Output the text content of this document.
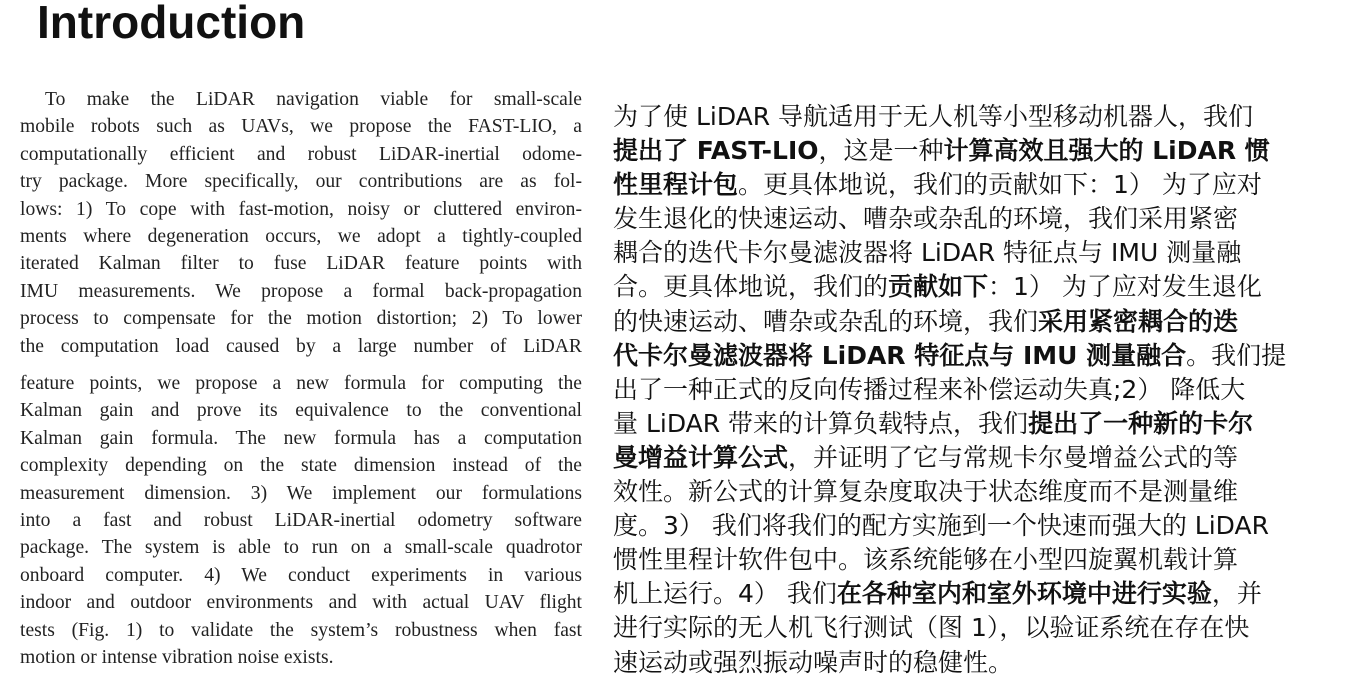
Introduction
To make the LiDAR navigation viable for small-scale
mobile robots such as UAVs, we propose the FAST-LIO, a
computationally efficient and robust LiDAR-inertial odome-
try package. More specifically, our contributions are as fol-
lows: 1) To cope with fast-motion, noisy or cluttered environ-
ments where degeneration occurs, we adopt a tightly-coupled
iterated Kalman filter to fuse LiDAR feature points with
IMU measurements. We propose a formal back-propagation
process to compensate for the motion distortion; 2) To lower
the computation load caused by a large number of LiDAR
feature points, we propose a new formula for computing the
Kalman gain and prove its equivalence to the conventional
Kalman gain formula. The new formula has a computation
complexity depending on the state dimension instead of the
measurement dimension. 3) We implement our formulations
into a fast and robust LiDAR-inertial odometry software
package. The system is able to run on a small-scale quadrotor
onboard computer. 4) We conduct experiments in various
indoor and outdoor environments and with actual UAV flight
tests (Fig. 1) to validate the system’s robustness when fast
motion or intense vibration noise exists.
为了使 LiDAR 导航适用于无人机等小型移动机器人，我们
提出了 FAST-LIO，这是一种计算高效且强大的 LiDAR 惯
性里程计包。更具体地说，我们的贡献如下：1） 为了应对
发生退化的快速运动、嘈杂或杂乱的环境，我们采用紧密
耦合的迭代卡尔曼滤波器将 LiDAR 特征点与 IMU 测量融
合。更具体地说，我们的贡献如下：1） 为了应对发生退化
的快速运动、嘈杂或杂乱的环境，我们采用紧密耦合的迭
代卡尔曼滤波器将 LiDAR 特征点与 IMU 测量融合。我们提
出了一种正式的反向传播过程来补偿运动失真;2） 降低大
量 LiDAR 带来的计算负载特点，我们提出了一种新的卡尔
曼增益计算公式，并证明了它与常规卡尔曼增益公式的等
效性。新公式的计算复杂度取决于状态维度而不是测量维
度。3） 我们将我们的配方实施到一个快速而强大的 LiDAR
惯性里程计软件包中。该系统能够在小型四旋翼机载计算
机上运行。4） 我们在各种室内和室外环境中进行实验，并
进行实际的无人机飞行测试（图 1），以验证系统在存在快
速运动或强烈振动噪声时的稳健性。
